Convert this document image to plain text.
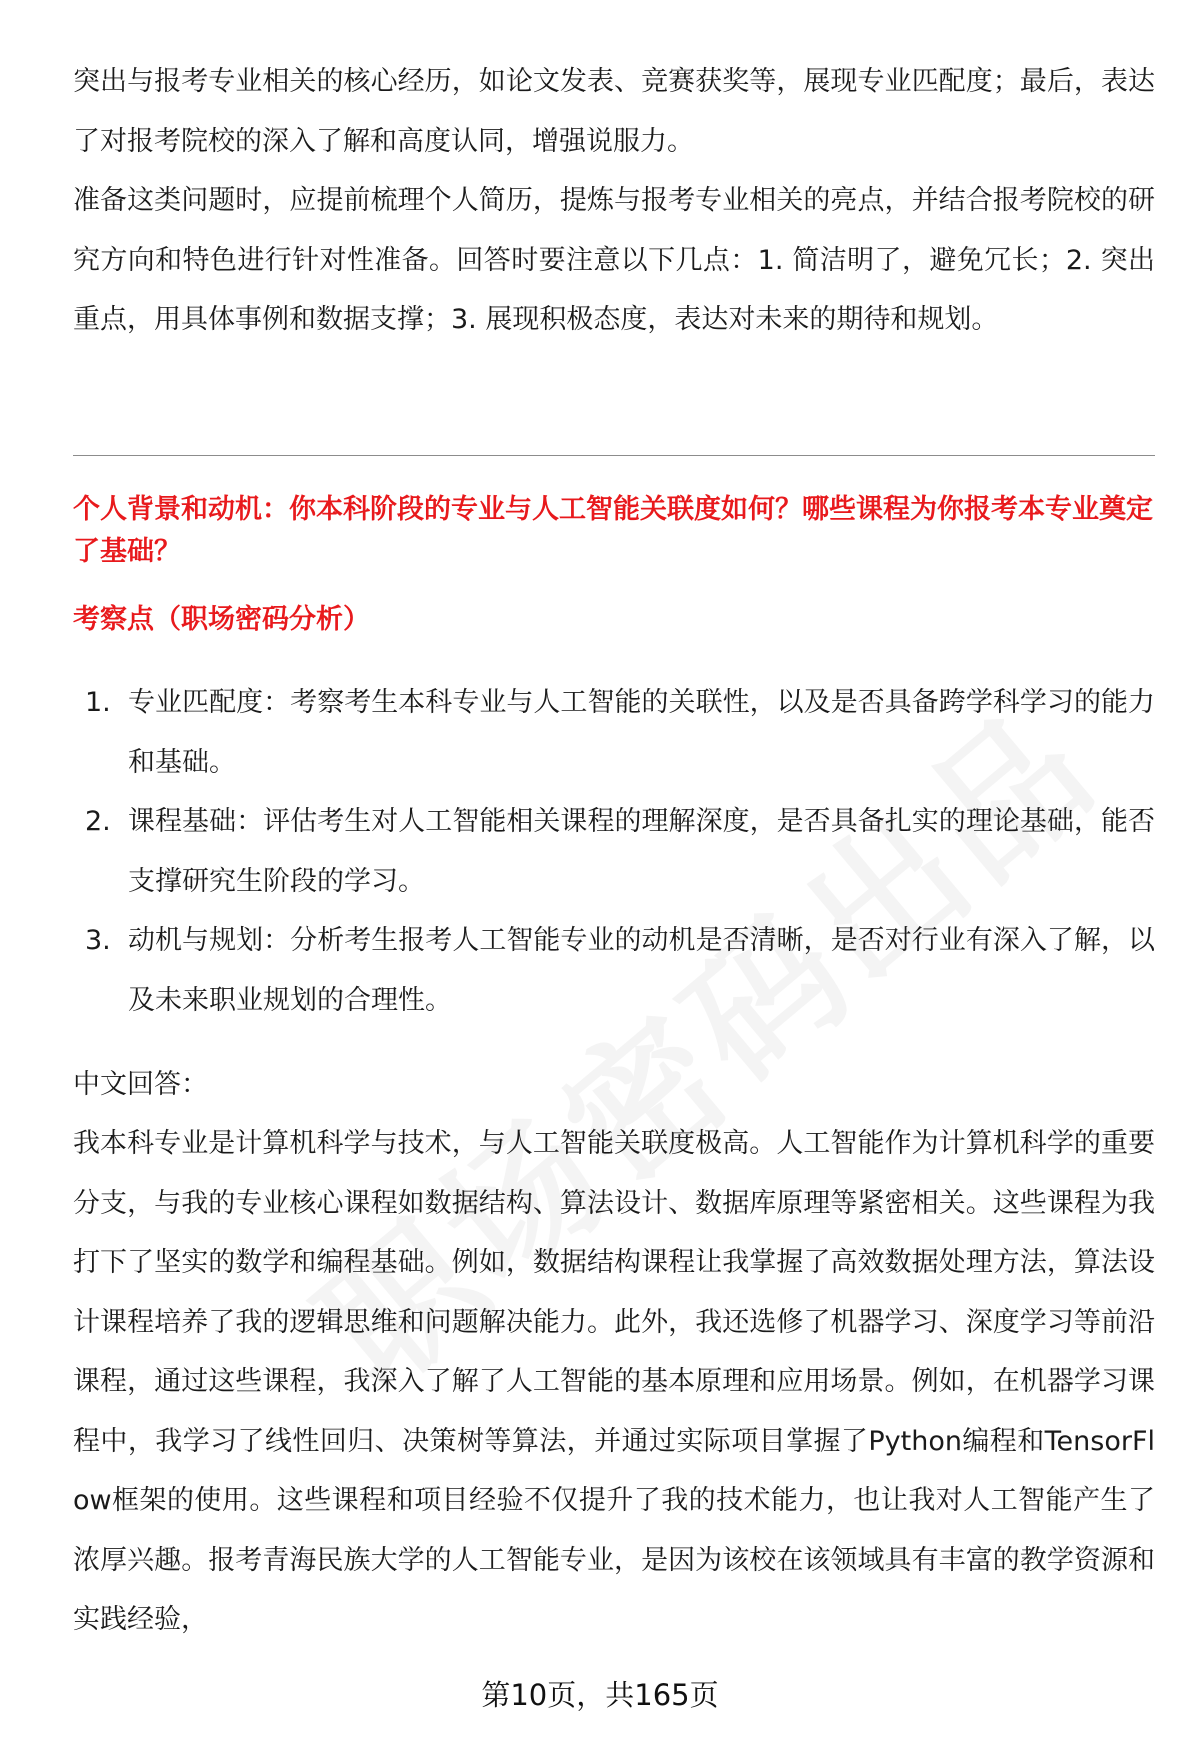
突出与报考专业相关的核心经历，如论文发表、竞赛获奖等，展现专业匹配度；最后，表达了对报考院校的深入了解和高度认同，增强说服力。

准备这类问题时，应提前梳理个人简历，提炼与报考专业相关的亮点，并结合报考院校的研究方向和特色进行针对性准备。回答时要注意以下几点：1. 简洁明了，避免冗长；2. 突出重点，用具体事例和数据支撑；3. 展现积极态度，表达对未来的期待和规划。

个人背景和动机：你本科阶段的专业与人工智能关联度如何？哪些课程为你报考本专业奠定了基础？

考察点（职场密码分析）

1. 专业匹配度：考察考生本科专业与人工智能的关联性，以及是否具备跨学科学习的能力和基础。
2. 课程基础：评估考生对人工智能相关课程的理解深度，是否具备扎实的理论基础，能否支撑研究生阶段的学习。
3. 动机与规划：分析考生报考人工智能专业的动机是否清晰，是否对行业有深入了解，以及未来职业规划的合理性。

中文回答：

我本科专业是计算机科学与技术，与人工智能关联度极高。人工智能作为计算机科学的重要分支，与我的专业核心课程如数据结构、算法设计、数据库原理等紧密相关。这些课程为我打下了坚实的数学和编程基础。例如，数据结构课程让我掌握了高效数据处理方法，算法设计课程培养了我的逻辑思维和问题解决能力。此外，我还选修了机器学习、深度学习等前沿课程，通过这些课程，我深入了解了人工智能的基本原理和应用场景。例如，在机器学习课程中，我学习了线性回归、决策树等算法，并通过实际项目掌握了Python编程和TensorFlow框架的使用。这些课程和项目经验不仅提升了我的技术能力，也让我对人工智能产生了浓厚兴趣。报考青海民族大学的人工智能专业，是因为该校在该领域具有丰富的教学资源和实践经验，

第10页，共165页
